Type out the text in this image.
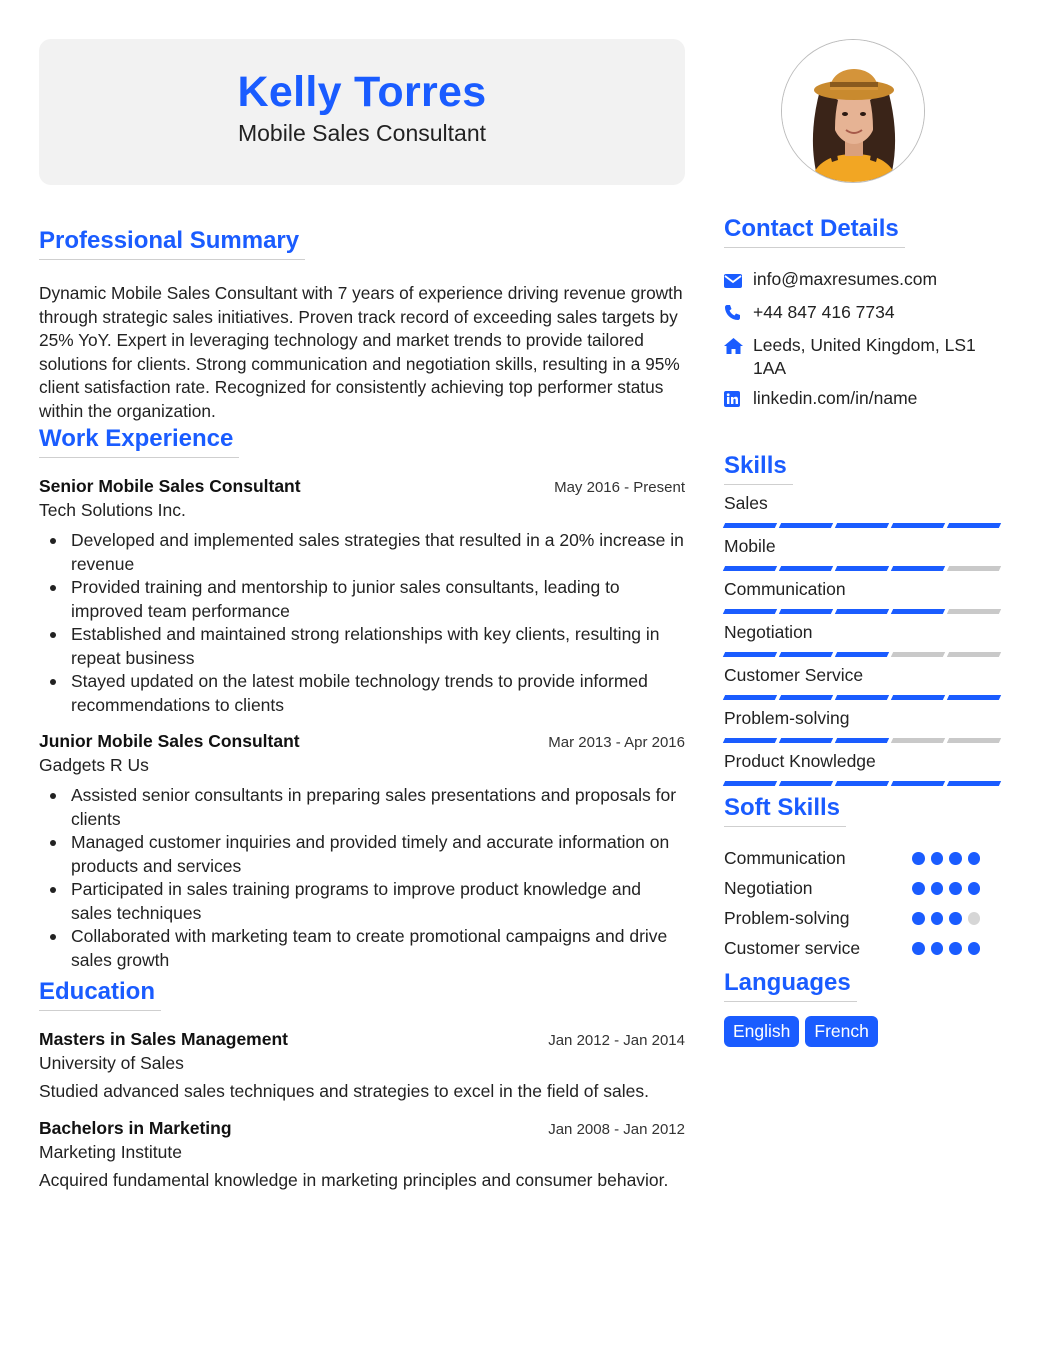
Kelly Torres
Mobile Sales Consultant
Professional Summary

Dynamic Mobile Sales Consultant with 7 years of experience driving revenue growth through strategic sales initiatives. Proven track record of exceeding sales targets by 25% YoY. Expert in leveraging technology and market trends to provide tailored solutions for clients. Strong communication and negotiation skills, resulting in a 95% client satisfaction rate. Recognized for consistently achieving top performer status within the organization.

Work Experience
Senior Mobile Sales Consultant	May 2016 - Present
Tech Solutions Inc.
Developed and implemented sales strategies that resulted in a 20% increase in revenue
Provided training and mentorship to junior sales consultants, leading to improved team performance
Established and maintained strong relationships with key clients, resulting in repeat business
Stayed updated on the latest mobile technology trends to provide informed recommendations to clients
Junior Mobile Sales Consultant	Mar 2013 - Apr 2016
Gadgets R Us
Assisted senior consultants in preparing sales presentations and proposals for clients
Managed customer inquiries and provided timely and accurate information on products and services
Participated in sales training programs to improve product knowledge and sales techniques
Collaborated with marketing team to create promotional campaigns and drive sales growth
Education
Masters in Sales Management	Jan 2012 - Jan 2014
University of Sales

Studied advanced sales techniques and strategies to excel in the field of sales.

Bachelors in Marketing	Jan 2008 - Jan 2012
Marketing Institute

Acquired fundamental knowledge in marketing principles and consumer behavior.

Contact Details
info@maxresumes.com
+44 847 416 7734
Leeds, United Kingdom, LS1 1AA
linkedin.com/in/name
Skills
Sales
Mobile
Communication
Negotiation
Customer Service
Problem-solving
Product Knowledge
Soft Skills
Communication
Negotiation
Problem-solving
Customer service
Languages
English	French
